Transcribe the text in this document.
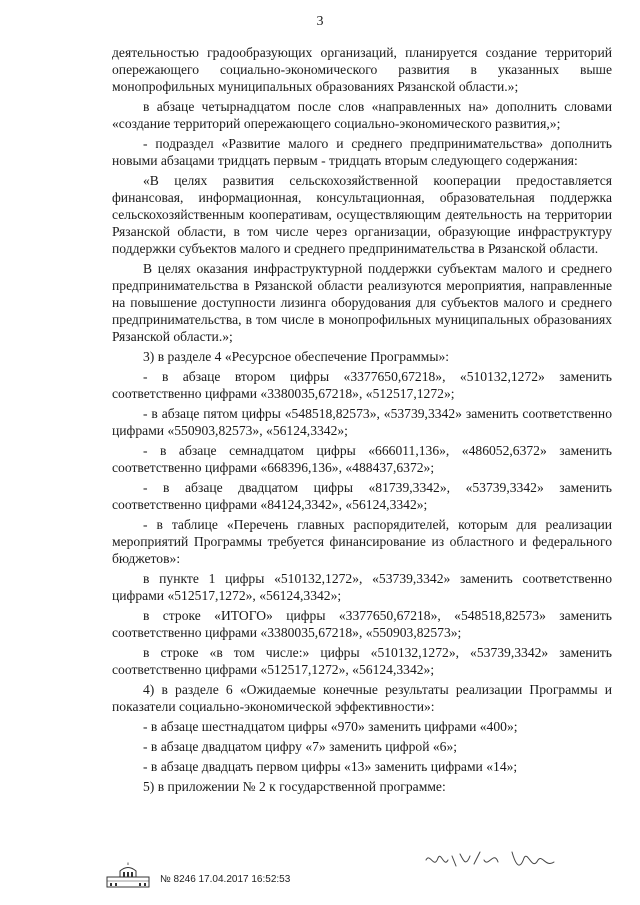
3

деятельностью градообразующих организаций, планируется создание территорий опережающего социально-экономического развития в указанных выше монопрофильных муниципальных образованиях Рязанской области.»;

в абзаце четырнадцатом после слов «направленных на» дополнить словами «создание территорий опережающего социально-экономического развития,»;

- подраздел «Развитие малого и среднего предпринимательства» дополнить новыми абзацами тридцать первым - тридцать вторым следующего содержания:

«В целях развития сельскохозяйственной кооперации предоставляется финансовая, информационная, консультационная, образовательная поддержка сельскохозяйственным кооперативам, осуществляющим деятельность на территории Рязанской области, в том числе через организации, образующие инфраструктуру поддержки субъектов малого и среднего предпринимательства в Рязанской области.

В целях оказания инфраструктурной поддержки субъектам малого и среднего предпринимательства в Рязанской области реализуются мероприятия, направленные на повышение доступности лизинга оборудования для субъектов малого и среднего предпринимательства, в том числе в монопрофильных муниципальных образованиях Рязанской области.»;

3) в разделе 4 «Ресурсное обеспечение Программы»:

- в абзаце втором цифры «3377650,67218», «510132,1272» заменить соответственно цифрами «3380035,67218», «512517,1272»;

- в абзаце пятом цифры «548518,82573», «53739,3342» заменить соответственно цифрами «550903,82573», «56124,3342»;

- в абзаце семнадцатом цифры «666011,136», «486052,6372» заменить соответственно цифрами «668396,136», «488437,6372»;

- в абзаце двадцатом цифры «81739,3342», «53739,3342» заменить соответственно цифрами «84124,3342», «56124,3342»;

- в таблице «Перечень главных распорядителей, которым для реализации мероприятий Программы требуется финансирование из областного и федерального бюджетов»:

в пункте 1 цифры «510132,1272», «53739,3342» заменить соответственно цифрами «512517,1272», «56124,3342»;

в строке «ИТОГО» цифры «3377650,67218», «548518,82573» заменить соответственно цифрами «3380035,67218», «550903,82573»;

в строке «в том числе:» цифры «510132,1272», «53739,3342» заменить соответственно цифрами «512517,1272», «56124,3342»;

4) в разделе 6 «Ожидаемые конечные результаты реализации Программы и показатели социально-экономической эффективности»:

- в абзаце шестнадцатом цифры «970» заменить цифрами «400»;

- в абзаце двадцатом цифру «7» заменить цифрой «6»;

- в абзаце двадцать первом цифры «13» заменить цифрами «14»;

5) в приложении № 2 к государственной программе:

№ 8246 17.04.2017 16:52:53
